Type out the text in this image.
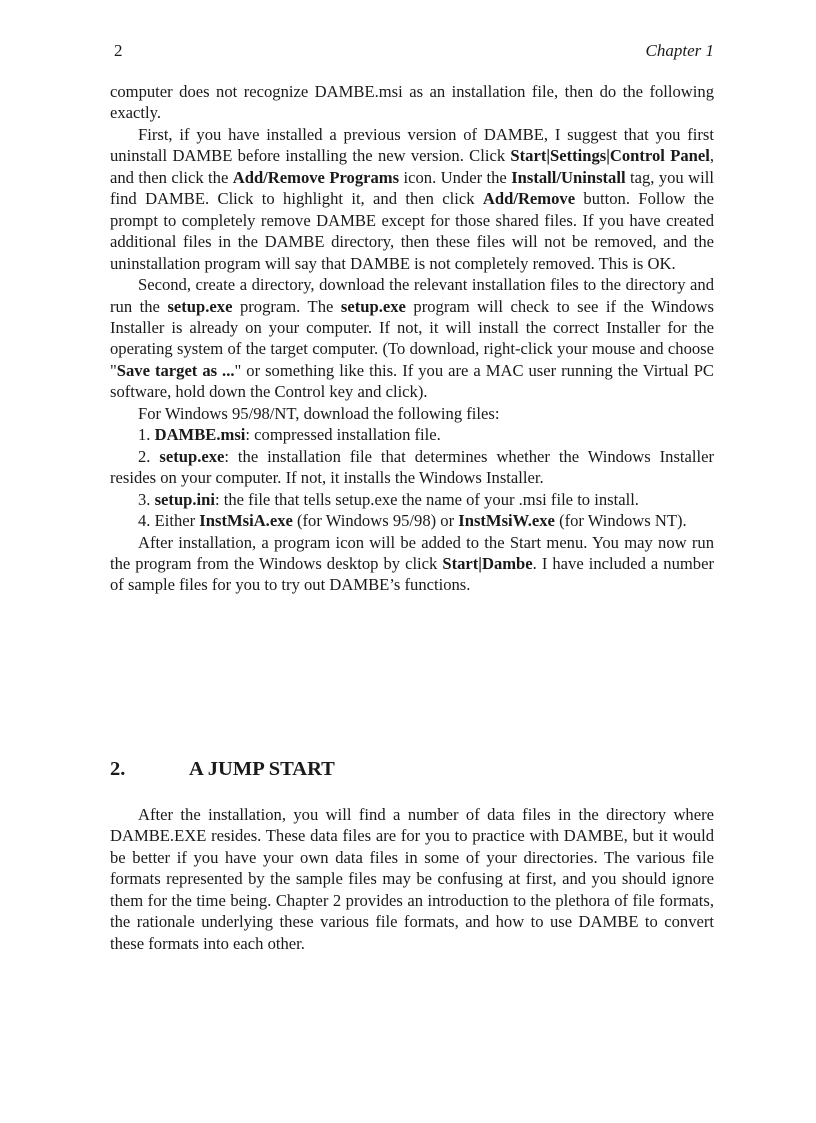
2	Chapter 1

computer does not recognize DAMBE.msi as an installation file, then do the following exactly.

First, if you have installed a previous version of DAMBE, I suggest that you first uninstall DAMBE before installing the new version. Click Start|Settings|Control Panel, and then click the Add/Remove Programs icon. Under the Install/Uninstall tag, you will find DAMBE. Click to highlight it, and then click Add/Remove button. Follow the prompt to completely remove DAMBE except for those shared files. If you have created additional files in the DAMBE directory, then these files will not be removed, and the uninstallation program will say that DAMBE is not completely removed. This is OK.

Second, create a directory, download the relevant installation files to the directory and run the setup.exe program. The setup.exe program will check to see if the Windows Installer is already on your computer. If not, it will install the correct Installer for the operating system of the target computer. (To download, right-click your mouse and choose "Save target as ..." or something like this. If you are a MAC user running the Virtual PC software, hold down the Control key and click).

For Windows 95/98/NT, download the following files:

1. DAMBE.msi: compressed installation file.

2. setup.exe: the installation file that determines whether the Windows Installer resides on your computer. If not, it installs the Windows Installer.

3. setup.ini: the file that tells setup.exe the name of your .msi file to install.

4. Either InstMsiA.exe (for Windows 95/98) or InstMsiW.exe (for Windows NT).

After installation, a program icon will be added to the Start menu. You may now run the program from the Windows desktop by click Start|Dambe. I have included a number of sample files for you to try out DAMBE’s functions.

2.	A JUMP START

After the installation, you will find a number of data files in the directory where DAMBE.EXE resides. These data files are for you to practice with DAMBE, but it would be better if you have your own data files in some of your directories. The various file formats represented by the sample files may be confusing at first, and you should ignore them for the time being. Chapter 2 provides an introduction to the plethora of file formats, the rationale underlying these various file formats, and how to use DAMBE to convert these formats into each other.
